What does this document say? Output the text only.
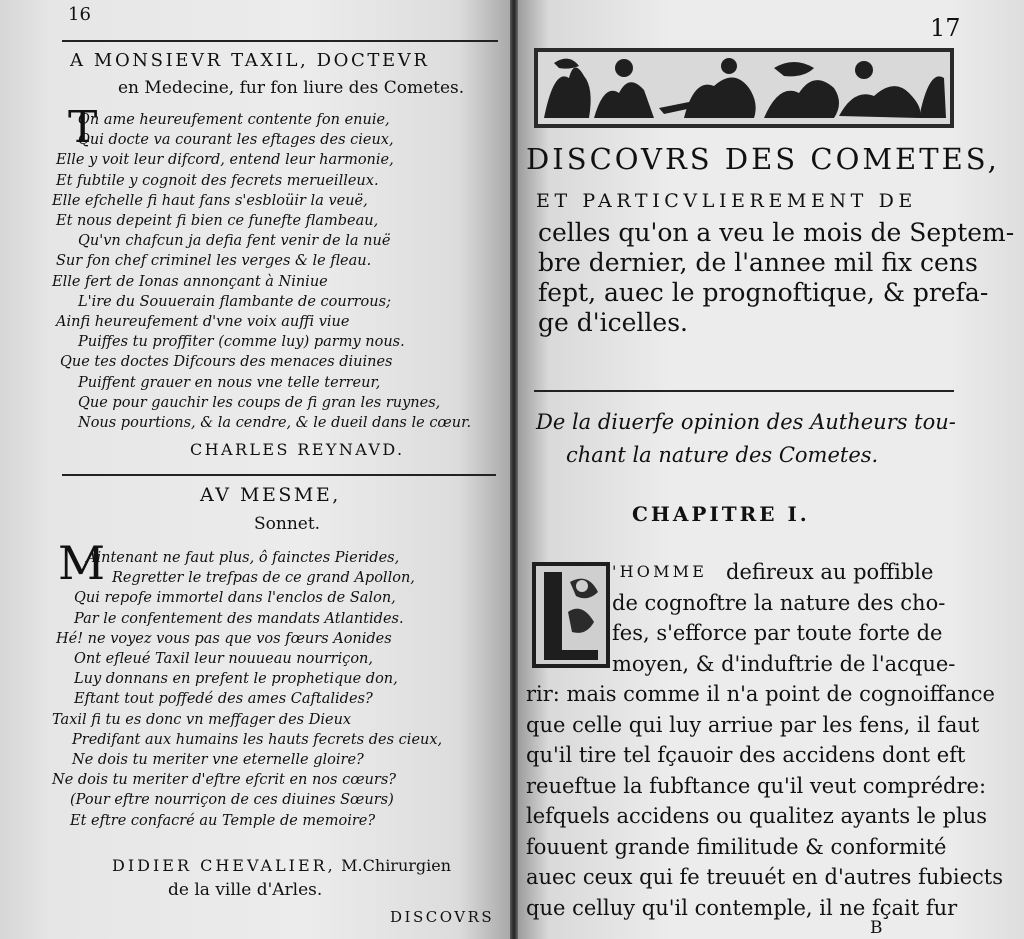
16
A MONSIEVR TAXIL, DOCTEVR
en Medecine, fur fon liure des Cometes.
T
On ame heureufement contente fon enuie,
Qui docte va courant les eftages des cieux,
Elle y voit leur difcord, entend leur harmonie,
Et fubtile y cognoit des fecrets merueilleux.
Elle efchelle fi haut fans s'esbloüir la veuë,
Et nous depeint fi bien ce funefte flambeau,
Qu'vn chafcun ja defia fent venir de la nuë
Sur fon chef criminel les verges & le fleau.
Elle fert de Ionas annonçant à Niniue
L'ire du Souuerain flambante de courrous;
Ainfi heureufement d'vne voix auffi viue
Puiffes tu proffiter (comme luy) parmy nous.
Que tes doctes Difcours des menaces diuines
Puiffent grauer en nous vne telle terreur,
Que pour gauchir les coups de fi gran les ruynes,
Nous pourtions, & la cendre, & le dueil dans le cœur.
CHARLES REYNAVD.
AV MESME,
Sonnet.
M
Aintenant ne faut plus, ô fainctes Pierides,
Regretter le trefpas de ce grand Apollon,
Qui repofe immortel dans l'enclos de Salon,
Par le confentement des mandats Atlantides.
Hé! ne voyez vous pas que vos fœurs Aonides
Ont efleué Taxil leur nouueau nourriçon,
Luy donnans en prefent le prophetique don,
Eftant tout poffedé des ames Caftalides?
Taxil fi tu es donc vn meffager des Dieux
Predifant aux humains les hauts fecrets des cieux,
Ne dois tu meriter vne eternelle gloire?
Ne dois tu meriter d'eftre efcrit en nos cœurs?
(Pour eftre nourriçon de ces diuines Sœurs)
Et eftre confacré au Temple de memoire?
DIDIER CHEVALIER, M.Chirurgien
de la ville d'Arles.
DISCOVRS
17
DISCOVRS DES COMETES,
ET PARTICVLIEREMENT DE
celles qu'on a veu le mois de Septem-
bre dernier, de l'annee mil fix cens
fept, auec le prognoftique, & prefa-
ge d'icelles.
De la diuerfe opinion des Autheurs tou-
chant la nature des Cometes.
CHAPITRE I.
'HOMME defireux au poffible
de cognoftre la nature des cho-
fes, s'efforce par toute forte de
moyen, & d'induftrie de l'acque-
rir: mais comme il n'a point de cognoiffance
que celle qui luy arriue par les fens, il faut
qu'il tire tel fçauoir des accidens dont eft
reueftue la fubftance qu'il veut comprédre:
lefquels accidens ou qualitez ayants le plus
fouuent grande fimilitude & conformité
auec ceux qui fe treuuét en d'autres fubiects
que celluy qu'il contemple, il ne fçait fur
B
